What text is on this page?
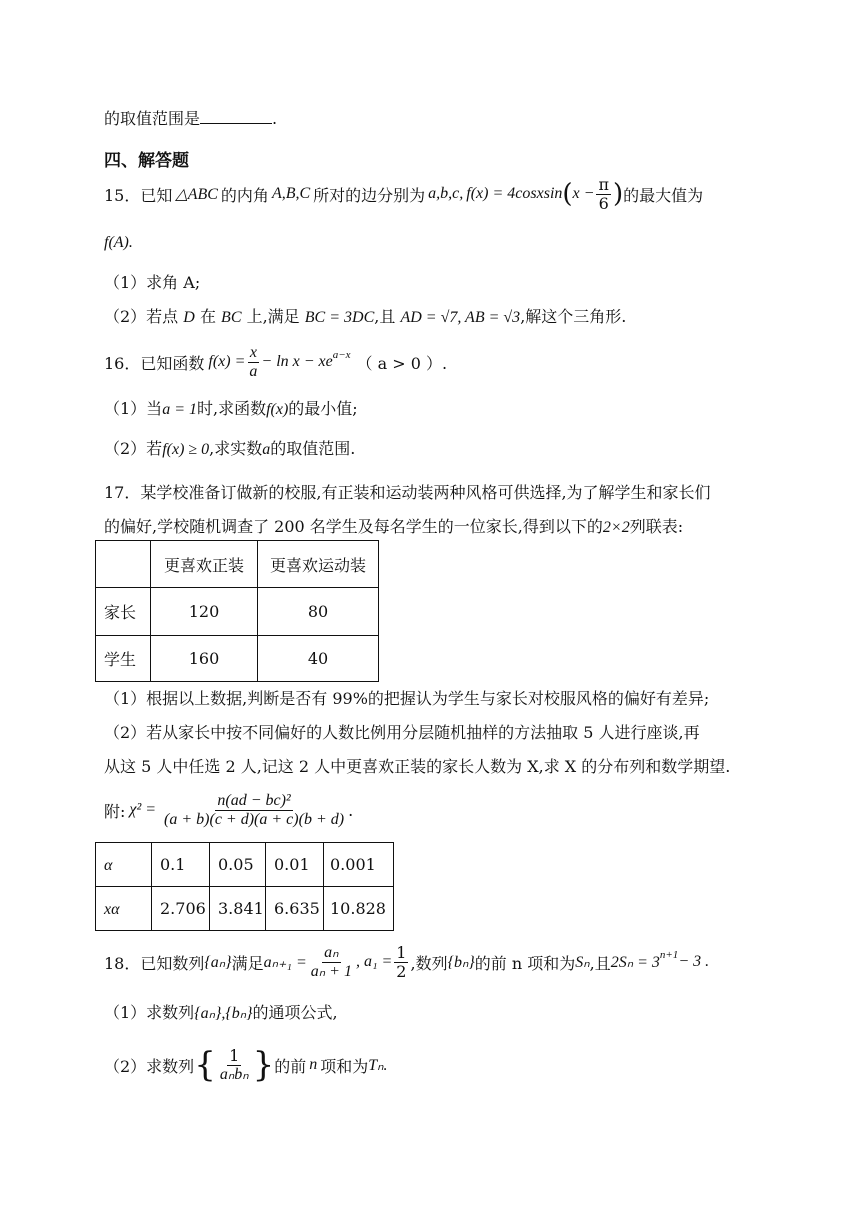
的取值范围是	.
四、解答题
15． 已知 △ABC 的内角 A,B,C 所对的边分别为 a,b,c, f(x) = 4cosxsin ( $x - \frac{\pi}{6}$ ) 的最大值为
f(A).
（1）求角 A;
（2）若点 D 在 BC 上,满足 BC = 3DC,且 AD = √7, AB = √3,解这个三角形.
16． 已知函数 $f(x) = \frac{x}{a} - \ln x$ − xe $^{a-x}$ （ a > 0 ）.
（1）当a = 1时,求函数f(x)的最小值;
（2）若f(x) ≥ 0,求实数a的取值范围.
17．某学校准备订做新的校服,有正装和运动装两种风格可供选择,为了解学生和家长们
的偏好,学校随机调查了 200 名学生及每名学生的一位家长,得到以下的2×2列联表:
	更喜欢正装	更喜欢运动装
家长	120	80
学生	160	40
（1）根据以上数据,判断是否有 99%的把握认为学生与家长对校服风格的偏好有差异;
（2）若从家长中按不同偏好的人数比例用分层随机抽样的方法抽取 5 人进行座谈,再
从这 5 人中任选 2 人,记这 2 人中更喜欢正装的家长人数为 X,求 X 的分布列和数学期望.
附: $\chi^2 = \frac{\text{n(ad − bc)²}}{(a + b)(c + d)(a + c)(b + d)}$ .
α	0.1	0.05	0.01	0.001
xα	2.706	3.841	6.635	10.828
18． 已知数列 {aₙ} 满足 $a_{n+1} = \frac{\text{aₙ}}{\text{aₙ + 1}}$ , $a_1 = \frac{1}{2}$ ,数列 {bₙ} 的前 n 项和为 Sₙ ,且 2Sₙ = 3 $^{n+1}$ − 3 .
（1）求数列{aₙ},{bₙ}的通项公式,
（2）求数列 { $\frac{1}{\text{aₙbₙ}}$ } 的前 n 项和为 Tₙ.
